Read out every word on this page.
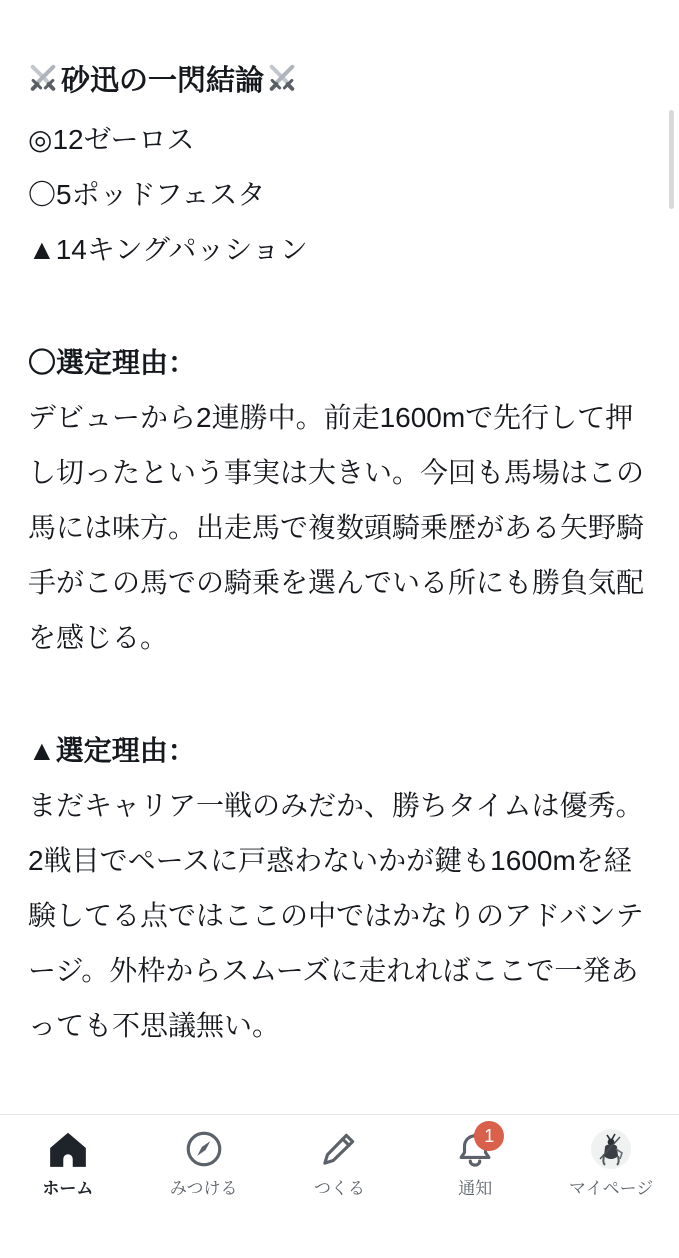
砂迅の一閃結論
◎12ゼーロス
〇5ポッドフェスタ
▲14キングパッション
〇選定理由：

デビューから2連勝中。前走1600mで先行して押し切ったという事実は大きい。今回も馬場はこの馬には味方。出走馬で複数頭騎乗歴がある矢野騎手がこの馬での騎乗を選んでいる所にも勝負気配を感じる。

▲選定理由：

まだキャリア一戦のみだか、勝ちタイムは優秀。2戦目でペースに戸惑わないかが鍵も1600mを経験してる点ではここの中ではかなりのアドバンテージ。外枠からスムーズに走れればここで一発あっても不思議無い。

ホーム	みつける	つくる
1
通知	マイページ
